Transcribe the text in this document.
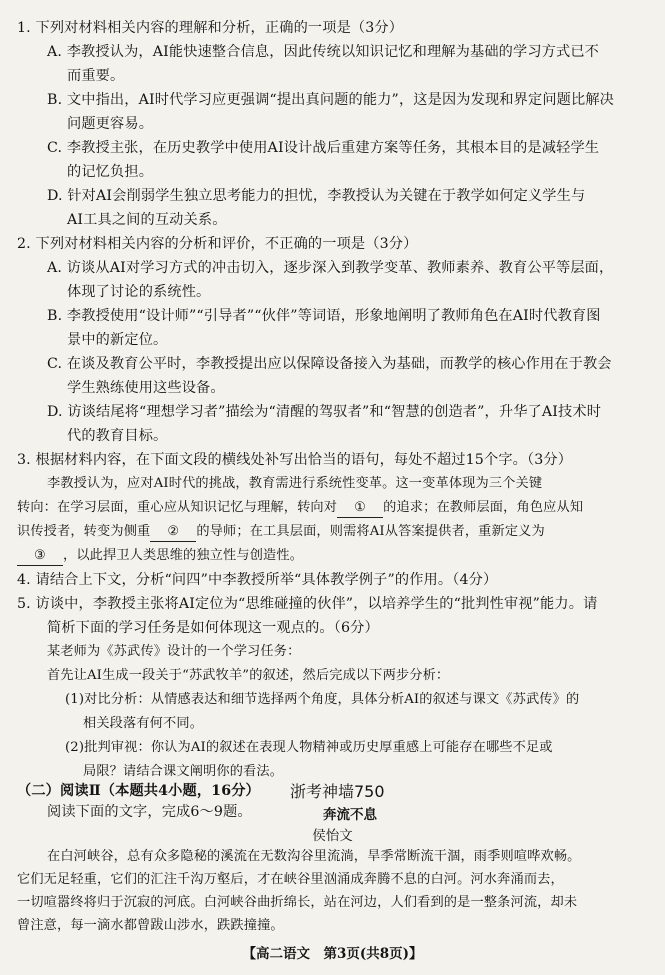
1. 下列对材料相关内容的理解和分析，正确的一项是（3分）
A. 李教授认为，AI能快速整合信息，因此传统以知识记忆和理解为基础的学习方式已不
而重要。
B. 文中指出，AI时代学习应更强调“提出真问题的能力”，这是因为发现和界定问题比解决
问题更容易。
C. 李教授主张，在历史教学中使用AI设计战后重建方案等任务，其根本目的是减轻学生
的记忆负担。
D. 针对AI会削弱学生独立思考能力的担忧，李教授认为关键在于教学如何定义学生与
AI工具之间的互动关系。
2. 下列对材料相关内容的分析和评价，不正确的一项是（3分）
A. 访谈从AI对学习方式的冲击切入，逐步深入到教学变革、教师素养、教育公平等层面，
体现了讨论的系统性。
B. 李教授使用“设计师”“引导者”“伙伴”等词语，形象地阐明了教师角色在AI时代教育图
景中的新定位。
C. 在谈及教育公平时，李教授提出应以保障设备接入为基础，而教学的核心作用在于教会
学生熟练使用这些设备。
D. 访谈结尾将“理想学习者”描绘为“清醒的驾驭者”和“智慧的创造者”，升华了AI技术时
代的教育目标。
3. 根据材料内容，在下面文段的横线处补写出恰当的语句，每处不超过15个字。（3分）
李教授认为，应对AI时代的挑战，教育需进行系统性变革。这一变革体现为三个关键
转向：在学习层面，重心应从知识记忆与理解，转向对 ① 的追求；在教师层面，角色应从知
识传授者，转变为侧重 ② 的导师；在工具层面，则需将AI从答案提供者，重新定义为
③ ，以此捍卫人类思维的独立性与创造性。
4. 请结合上下文，分析“问四”中李教授所举“具体教学例子”的作用。（4分）
5. 访谈中，李教授主张将AI定位为“思维碰撞的伙伴”，以培养学生的“批判性审视”能力。请
简析下面的学习任务是如何体现这一观点的。（6分）
某老师为《苏武传》设计的一个学习任务：
首先让AI生成一段关于“苏武牧羊”的叙述，然后完成以下两步分析：
(1)对比分析：从情感表达和细节选择两个角度，具体分析AI的叙述与课文《苏武传》的
相关段落有何不同。
(2)批判审视：你认为AI的叙述在表现人物精神或历史厚重感上可能存在哪些不足或
局限？请结合课文阐明你的看法。
（二）阅读Ⅱ（本题共4小题，16分）
阅读下面的文字，完成6～9题。
浙考神墙750
奔流不息
侯怡文
在白河峡谷，总有众多隐秘的溪流在无数沟谷里流淌，旱季常断流干涸，雨季则喧哗欢畅。
它们无足轻重，它们的汇注千沟万壑后，才在峡谷里汹涌成奔腾不息的白河。河水奔涌而去，
一切喧嚣终将归于沉寂的河底。白河峡谷曲折绵长，站在河边，人们看到的是一整条河流，却未
曾注意，每一滴水都曾跋山涉水，跌跌撞撞。
【高二语文　第3页(共8页)】
